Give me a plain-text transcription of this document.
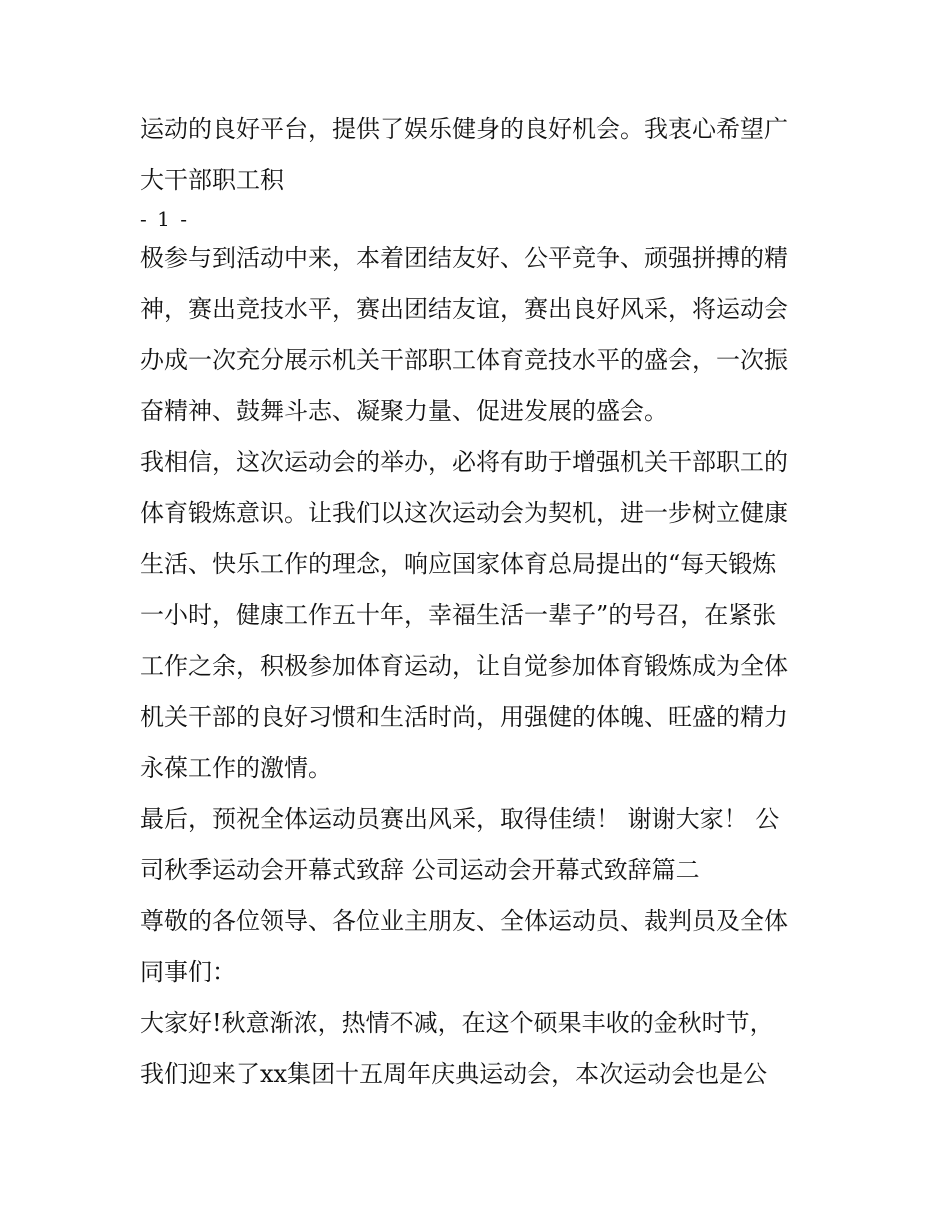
运动的良好平台，提供了娱乐健身的良好机会。我衷心希望广

大干部职工积

- 1 -

极参与到活动中来，本着团结友好、公平竞争、顽强拼搏的精

神，赛出竞技水平，赛出团结友谊，赛出良好风采，将运动会

办成一次充分展示机关干部职工体育竞技水平的盛会，一次振

奋精神、鼓舞斗志、凝聚力量、促进发展的盛会。

我相信，这次运动会的举办，必将有助于增强机关干部职工的

体育锻炼意识。让我们以这次运动会为契机，进一步树立健康

生活、快乐工作的理念，响应国家体育总局提出的“每天锻炼

一小时，健康工作五十年，幸福生活一辈子”的号召，在紧张

工作之余，积极参加体育运动，让自觉参加体育锻炼成为全体

机关干部的良好习惯和生活时尚，用强健的体魄、旺盛的精力

永葆工作的激情。

最后，预祝全体运动员赛出风采，取得佳绩！ 谢谢大家！ 公

司秋季运动会开幕式致辞 公司运动会开幕式致辞篇二

尊敬的各位领导、各位业主朋友、全体运动员、裁判员及全体

同事们：

大家好!秋意渐浓，热情不减，在这个硕果丰收的金秋时节，

我们迎来了xx集团十五周年庆典运动会，本次运动会也是公
